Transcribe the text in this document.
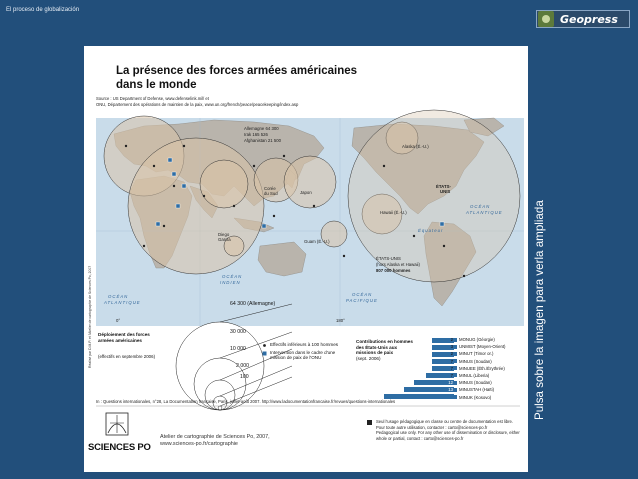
El proceso de globalización
Geopress
La présence des forces armées américaines
dans le monde
Source : US Department of Defense, www.defenselink.mil/ et
ONU, Département des opérations de maintien de la paix, www.un.org/french/peace/peacekeeping/index.asp
Réalisé par D.M.P. et l'Atelier de cartographie de Sciences Po, 2007
Allemagne 64 300
Irak 165 526
Afghanistan 21 500
Alaska (É.-U.)
Corée
du Sud	Japon
ÉTATS-
UNIS
Hawaii (É.-U.)
Guam (É.-U.)
OCÉAN
ATLANTIQUE
Équateur
ÉTATS-UNIS
(hors Alaska et Hawaii)
807 000 hommes
Diego
Garcia
OCÉAN
INDIEN
OCÉAN
PACIFIQUE
OCÉAN
ATLANTIQUE
0°	180°
Déploiement des forces armées américaines
(effectifs en septembre 2006)
64 300 (Allemagne)
30 000
10 000
2 000
100
Effectifs inférieurs à 100 hommes
Intervention dans le cadre d'une mission de paix de l'ONU
Contributions en hommes des États-Unis aux missions de paix
(sept. 2006)
2 MONUG (Géorgie)
3 UNMIST (Moyen-Orient)
2 MINUT (Timor or.)
7 MINUS (Soudan)
7 MINUEE (Éth./Érythrée)
7 MINUL (Liberia)
12 MINUS (Soudan)
13 MINUSTAH (Haïti)
MINUK (Kosovo)
In : Questions internationales, n°28, La Documentation française, Paris, juillet-août 2007. http://www.ladocumentationfrancaise.fr/revues/questions-internationales
SCIENCES PO
Atelier de cartographie de Sciences Po, 2007,
www.sciences-po.fr/cartographie
Seul l'usage pédagogique en classe ou centre de documentation est libre.
Pour toute autre utilisation, contacter : carto@sciences-po.fr
Pedagogical use only. For any other use of dissemination or disclosure, either
whole or partial, contact : carto@sciences-po.fr
Pulsa sobre la imagen para verla ampliada
